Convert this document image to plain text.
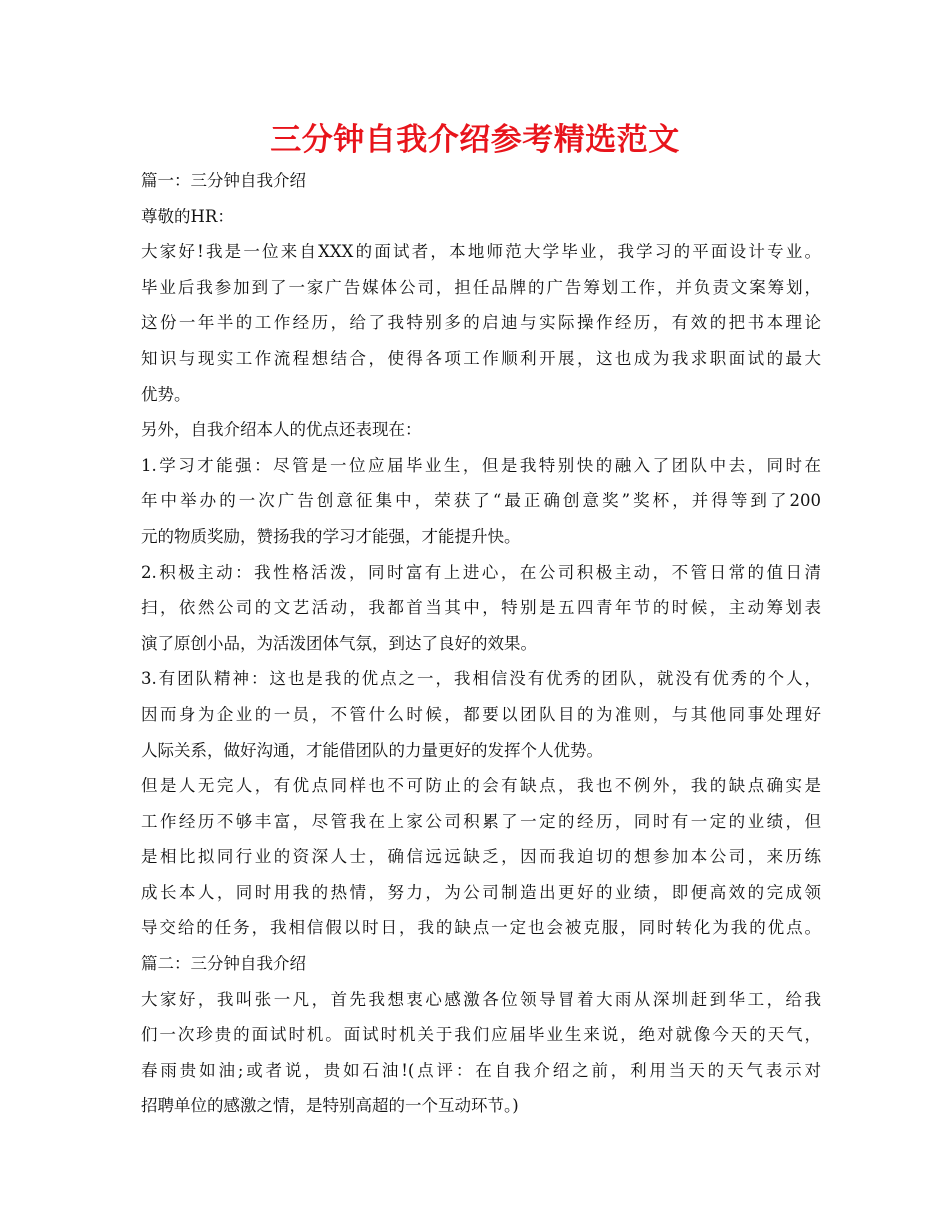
三分钟自我介绍参考精选范文

篇一：三分钟自我介绍

尊敬的HR：

大家好!我是一位来自XXX的面试者，本地师范大学毕业，我学习的平面设计专业。

毕业后我参加到了一家广告媒体公司，担任品牌的广告筹划工作，并负责文案筹划，

这份一年半的工作经历，给了我特别多的启迪与实际操作经历，有效的把书本理论

知识与现实工作流程想结合，使得各项工作顺利开展，这也成为我求职面试的最大

优势。

另外，自我介绍本人的优点还表现在：

1.学习才能强：尽管是一位应届毕业生，但是我特别快的融入了团队中去，同时在

年中举办的一次广告创意征集中，荣获了“最正确创意奖”奖杯，并得等到了200

元的物质奖励，赞扬我的学习才能强，才能提升快。

2.积极主动：我性格活泼，同时富有上进心，在公司积极主动，不管日常的值日清

扫，依然公司的文艺活动，我都首当其中，特别是五四青年节的时候，主动筹划表

演了原创小品，为活泼团体气氛，到达了良好的效果。

3.有团队精神：这也是我的优点之一，我相信没有优秀的团队，就没有优秀的个人，

因而身为企业的一员，不管什么时候，都要以团队目的为准则，与其他同事处理好

人际关系，做好沟通，才能借团队的力量更好的发挥个人优势。

但是人无完人，有优点同样也不可防止的会有缺点，我也不例外，我的缺点确实是

工作经历不够丰富，尽管我在上家公司积累了一定的经历，同时有一定的业绩，但

是相比拟同行业的资深人士，确信远远缺乏，因而我迫切的想参加本公司，来历练

成长本人，同时用我的热情，努力，为公司制造出更好的业绩，即便高效的完成领

导交给的任务，我相信假以时日，我的缺点一定也会被克服，同时转化为我的优点。

篇二：三分钟自我介绍

大家好，我叫张一凡，首先我想衷心感激各位领导冒着大雨从深圳赶到华工，给我

们一次珍贵的面试时机。面试时机关于我们应届毕业生来说，绝对就像今天的天气，

春雨贵如油;或者说，贵如石油!(点评：在自我介绍之前，利用当天的天气表示对

招聘单位的感激之情，是特别高超的一个互动环节。)
